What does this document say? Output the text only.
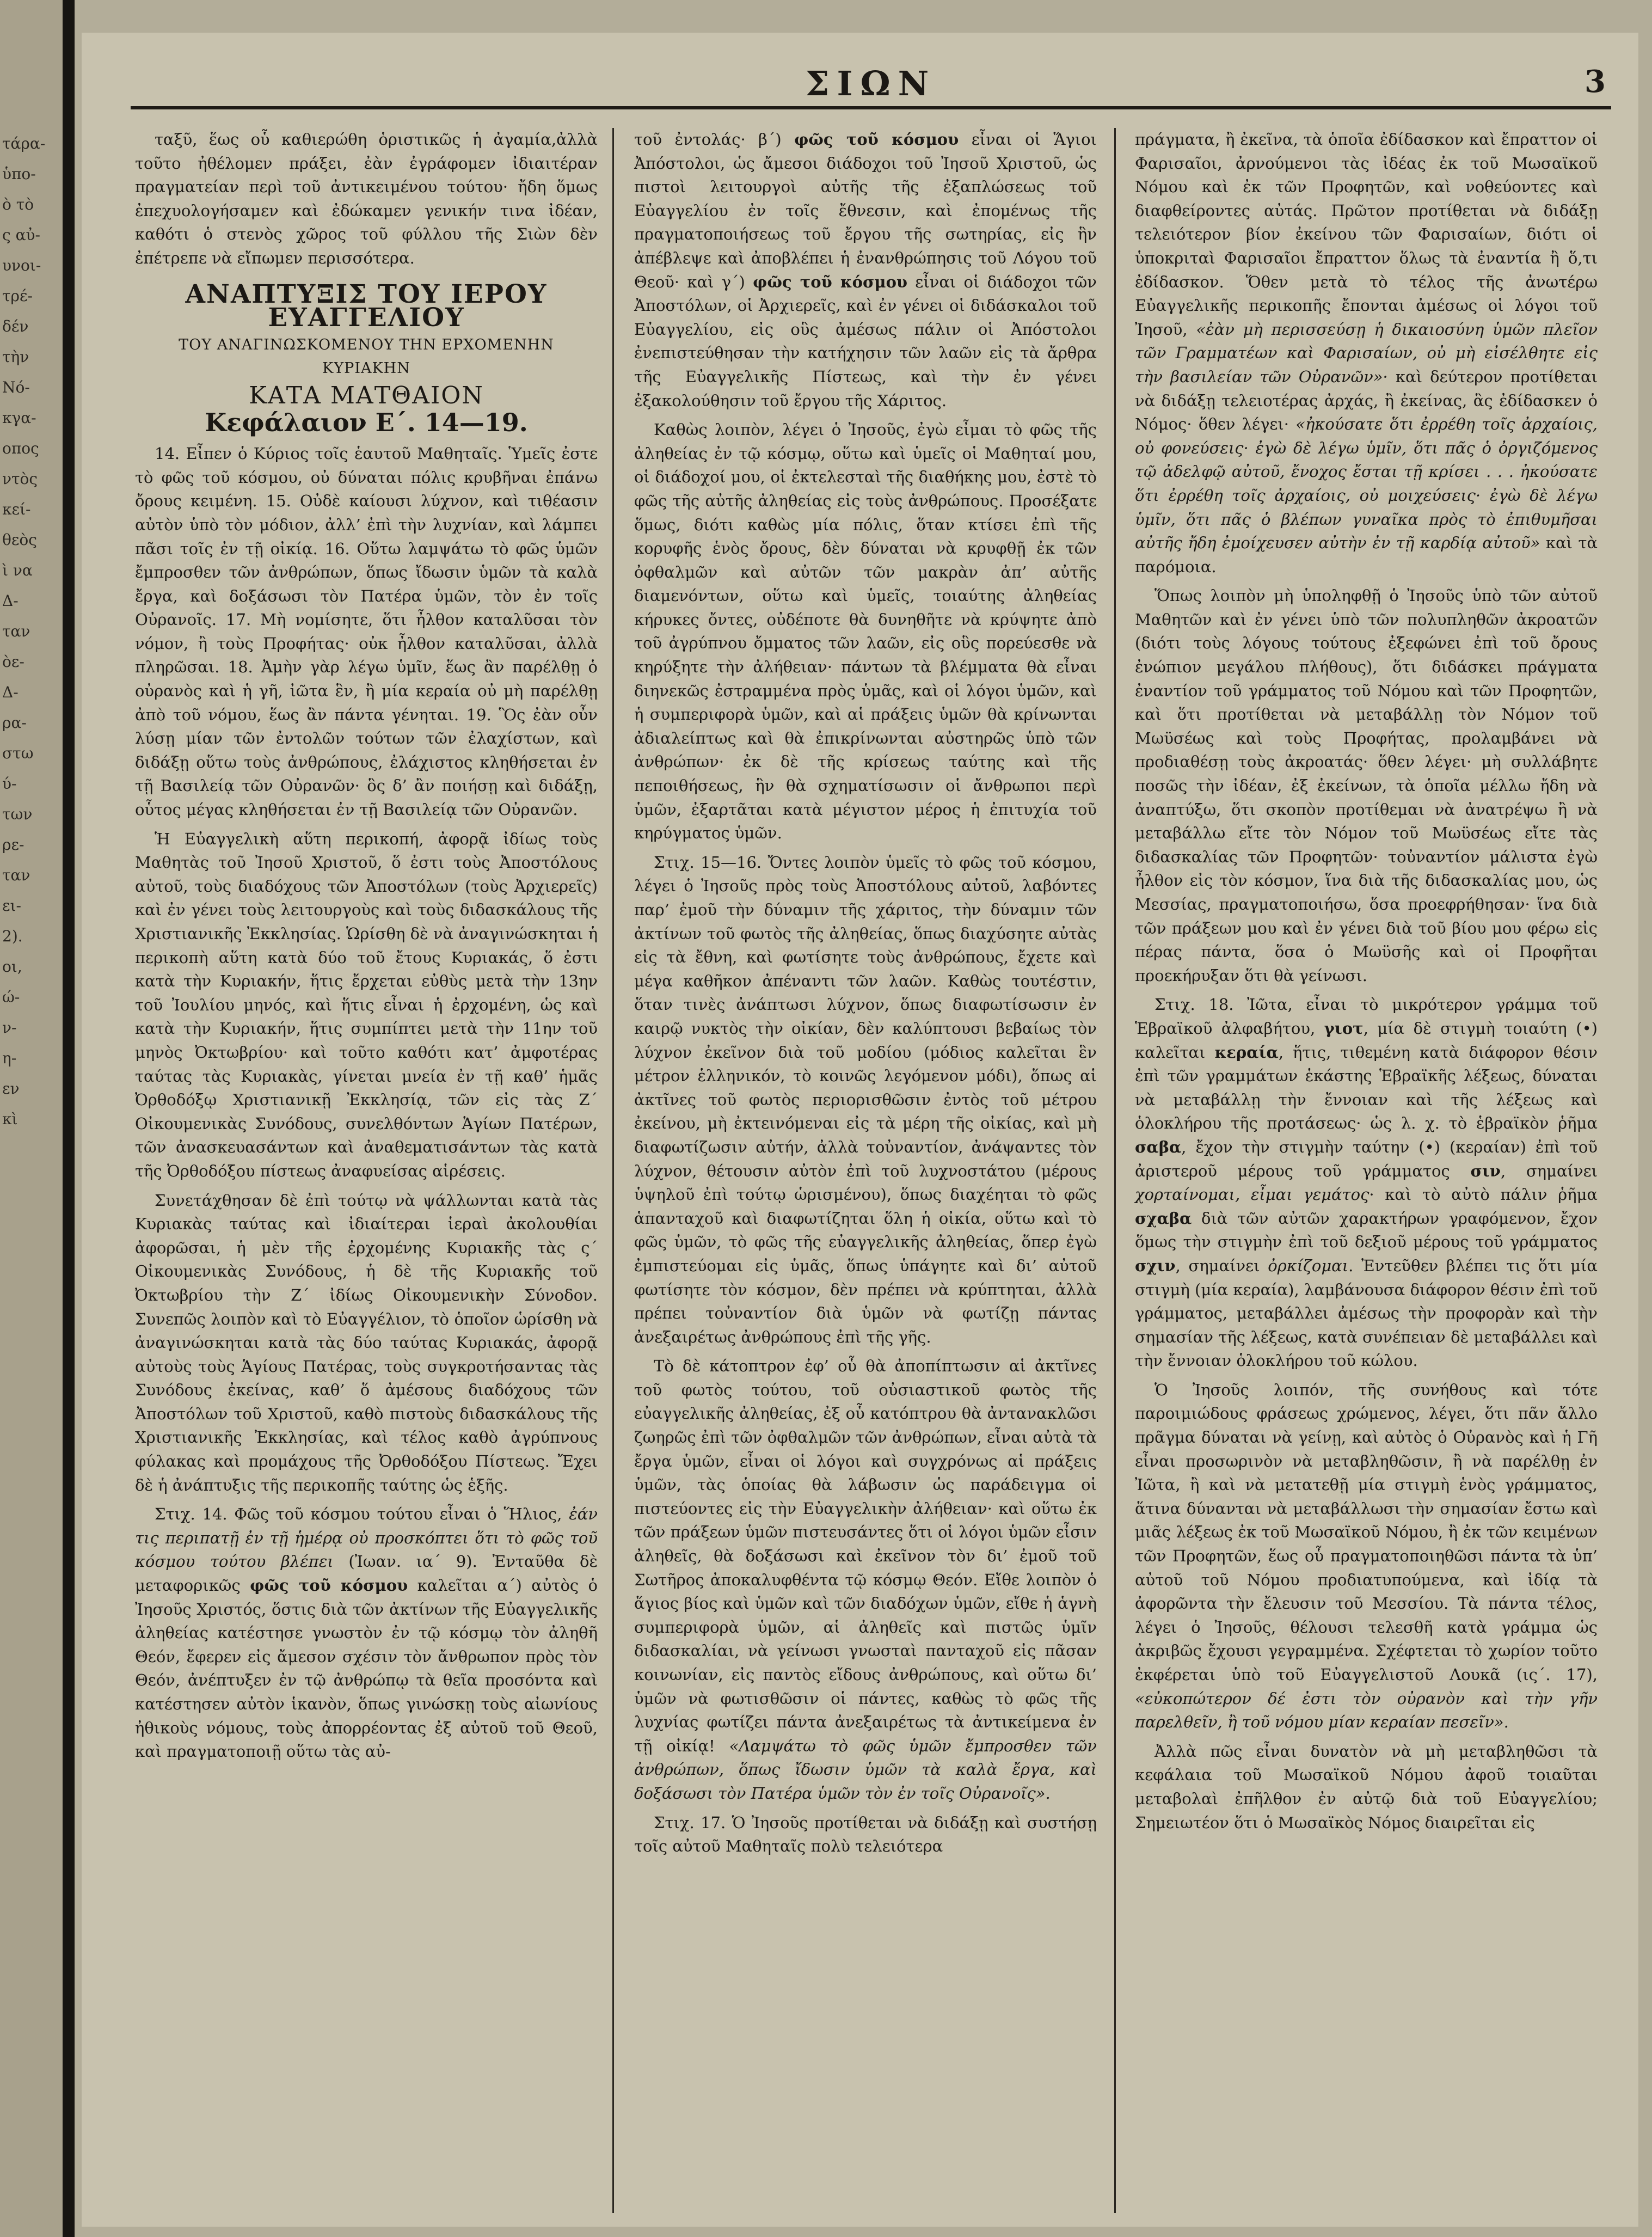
τάρα-
ὑπο-
ὸ τὸ
ς αὐ-
υνοι-
τρέ-
δέν
τὴν
Νό-
κγα-
οπος
ντὸς
κεί-
θεὸς
ὶ να
Δ-
ταν
ὸε-
Δ-
ρα-
στω
ύ-
των
ρε-
ταν
ει-
2).
οι,
ώ-
ν-
η-
εν
κὶ
ΣΙΩΝ	3

ταξῦ, ἕως οὗ καθιερώθη ὁριστικῶς ἡ ἀγαμία,ἀλλὰ τοῦτο ἠθέλομεν πράξει, ἐὰν ἐγράφομεν ἰδιαιτέραν πραγματείαν περὶ τοῦ ἀντικειμένου τούτου· ἤδη ὅμως ἐπεχυολογήσαμεν καὶ ἐδώκαμεν γενικήν τινα ἰδέαν, καθότι ὁ στενὸς χῶρος τοῦ φύλλου τῆς Σιὼν δὲν ἐπέτρεπε νὰ εἴπωμεν περισσότερα.

ΑΝΑΠΤΥΞΙΣ ΤΟΥ ΙΕΡΟΥ ΕΥΑΓΓΕΛΙΟΥ
ΤΟΥ ΑΝΑΓΙΝΩΣΚΟΜΕΝΟΥ ΤΗΝ ΕΡΧΟΜΕΝΗΝ ΚΥΡΙΑΚΗΝ
ΚΑΤΑ ΜΑΤΘΑΙΟΝ
Κεφάλαιον Ε΄. 14—19.

14. Εἶπεν ὁ Κύριος τοῖς ἑαυτοῦ Μαθηταῖς. Ὑμεῖς ἐστε τὸ φῶς τοῦ κόσμου, οὐ δύναται πόλις κρυβῆναι ἐπάνω ὄρους κειμένη. 15. Οὐδὲ καίουσι λύχνον, καὶ τιθέασιν αὐτὸν ὑπὸ τὸν μόδιον, ἀλλ’ ἐπὶ τὴν λυχνίαν, καὶ λάμπει πᾶσι τοῖς ἐν τῇ οἰκίᾳ. 16. Οὕτω λαμψάτω τὸ φῶς ὑμῶν ἔμπροσθεν τῶν ἀνθρώπων, ὅπως ἴδωσιν ὑμῶν τὰ καλὰ ἔργα, καὶ δοξάσωσι τὸν Πατέρα ὑμῶν, τὸν ἐν τοῖς Οὐρανοῖς. 17. Μὴ νομίσητε, ὅτι ἦλθον καταλῦσαι τὸν νόμον, ἢ τοὺς Προφήτας· οὐκ ἦλθον καταλῦσαι, ἀλλὰ πληρῶσαι. 18. Ἀμὴν γὰρ λέγω ὑμῖν, ἕως ἂν παρέλθῃ ὁ οὐρανὸς καὶ ἡ γῆ, ἰῶτα ἓν, ἢ μία κεραία οὐ μὴ παρέλθῃ ἀπὸ τοῦ νόμου, ἕως ἂν πάντα γένηται. 19. Ὃς ἐὰν οὖν λύσῃ μίαν τῶν ἐντολῶν τούτων τῶν ἐλαχίστων, καὶ διδάξῃ οὕτω τοὺς ἀνθρώπους, ἐλάχιστος κληθήσεται ἐν τῇ Βασιλείᾳ τῶν Οὐρανῶν· ὃς δ’ ἂν ποιήσῃ καὶ διδάξῃ, οὗτος μέγας κληθήσεται ἐν τῇ Βασιλείᾳ τῶν Οὐρανῶν.

Ἡ Εὐαγγελικὴ αὕτη περικοπή, ἀφορᾷ ἰδίως τοὺς Μαθητὰς τοῦ Ἰησοῦ Χριστοῦ, ὅ ἐστι τοὺς Ἀποστόλους αὐτοῦ, τοὺς διαδόχους τῶν Ἀποστόλων (τοὺς Ἀρχιερεῖς) καὶ ἐν γένει τοὺς λειτουργοὺς καὶ τοὺς διδασκάλους τῆς Χριστιανικῆς Ἐκκλησίας. Ὡρίσθη δὲ νὰ ἀναγινώσκηται ἡ περικοπὴ αὕτη κατὰ δύο τοῦ ἔτους Κυριακάς, ὅ ἐστι κατὰ τὴν Κυριακήν, ἥτις ἔρχεται εὐθὺς μετὰ τὴν 13ην τοῦ Ἰουλίου μηνός, καὶ ἥτις εἶναι ἡ ἐρχομένη, ὡς καὶ κατὰ τὴν Κυριακήν, ἥτις συμπίπτει μετὰ τὴν 11ην τοῦ μηνὸς Ὀκτωβρίου· καὶ τοῦτο καθότι κατ’ ἀμφοτέρας ταύτας τὰς Κυριακὰς, γίνεται μνεία ἐν τῇ καθ’ ἡμᾶς Ὀρθοδόξῳ Χριστιανικῇ Ἐκκλησίᾳ, τῶν εἰς τὰς Ζ΄ Οἰκουμενικὰς Συνόδους, συνελθόντων Ἁγίων Πατέρων, τῶν ἀνασκευασάντων καὶ ἀναθεματισάντων τὰς κατὰ τῆς Ὀρθοδόξου πίστεως ἀναφυείσας αἱρέσεις.

Συνετάχθησαν δὲ ἐπὶ τούτῳ νὰ ψάλλωνται κατὰ τὰς Κυριακὰς ταύτας καὶ ἰδιαίτεραι ἱεραὶ ἀκολουθίαι ἀφορῶσαι, ἡ μὲν τῆς ἐρχομένης Κυριακῆς τὰς ς΄ Οἰκουμενικὰς Συνόδους, ἡ δὲ τῆς Κυριακῆς τοῦ Ὀκτωβρίου τὴν Ζ΄ ἰδίως Οἰκουμενικὴν Σύνοδον. Συνεπῶς λοιπὸν καὶ τὸ Εὐαγγέλιον, τὸ ὁποῖον ὡρίσθη νὰ ἀναγινώσκηται κατὰ τὰς δύο ταύτας Κυριακάς, ἀφορᾷ αὐτοὺς τοὺς Ἁγίους Πατέρας, τοὺς συγκροτήσαντας τὰς Συνόδους ἐκείνας, καθ’ ὅ ἀμέσους διαδόχους τῶν Ἀποστόλων τοῦ Χριστοῦ, καθὸ πιστοὺς διδασκάλους τῆς Χριστιανικῆς Ἐκκλησίας, καὶ τέλος καθὸ ἀγρύπνους φύλακας καὶ προμάχους τῆς Ὀρθοδόξου Πίστεως. Ἔχει δὲ ἡ ἀνάπτυξις τῆς περικοπῆς ταύτης ὡς ἑξῆς.

Στιχ. 14. Φῶς τοῦ κόσμου τούτου εἶναι ὁ Ἥλιος, ἐάν τις περιπατῇ ἐν τῇ ἡμέρᾳ οὐ προσκόπτει ὅτι τὸ φῶς τοῦ κόσμου τούτου βλέπει (Ἰωαν. ια΄ 9). Ἐνταῦθα δὲ μεταφορικῶς φῶς τοῦ κόσμου καλεῖται α΄) αὐτὸς ὁ Ἰησοῦς Χριστός, ὅστις διὰ τῶν ἀκτίνων τῆς Εὐαγγελικῆς ἀληθείας κατέστησε γνωστὸν ἐν τῷ κόσμῳ τὸν ἀληθῆ Θεόν, ἔφερεν εἰς ἄμεσον σχέσιν τὸν ἄνθρωπον πρὸς τὸν Θεόν, ἀνέπτυξεν ἐν τῷ ἀνθρώπῳ τὰ θεῖα προσόντα καὶ κατέστησεν αὐτὸν ἱκανὸν, ὅπως γινώσκῃ τοὺς αἰωνίους ἠθικοὺς νόμους, τοὺς ἀπορρέοντας ἐξ αὐτοῦ τοῦ Θεοῦ, καὶ πραγματοποιῇ οὕτω τὰς αὐ-

τοῦ ἐντολάς· β΄) φῶς τοῦ κόσμου εἶναι οἱ Ἅγιοι Ἀπόστολοι, ὡς ἄμεσοι διάδοχοι τοῦ Ἰησοῦ Χριστοῦ, ὡς πιστοὶ λειτουργοὶ αὐτῆς τῆς ἐξαπλώσεως τοῦ Εὐαγγελίου ἐν τοῖς ἔθνεσιν, καὶ ἐπομένως τῆς πραγματοποιήσεως τοῦ ἔργου τῆς σωτηρίας, εἰς ἣν ἀπέβλεψε καὶ ἀποβλέπει ἡ ἐνανθρώπησις τοῦ Λόγου τοῦ Θεοῦ· καὶ γ΄) φῶς τοῦ κόσμου εἶναι οἱ διάδοχοι τῶν Ἀποστόλων, οἱ Ἀρχιερεῖς, καὶ ἐν γένει οἱ διδάσκαλοι τοῦ Εὐαγγελίου, εἰς οὓς ἀμέσως πάλιν οἱ Ἀπόστολοι ἐνεπιστεύθησαν τὴν κατήχησιν τῶν λαῶν εἰς τὰ ἄρθρα τῆς Εὐαγγελικῆς Πίστεως, καὶ τὴν ἐν γένει ἐξακολούθησιν τοῦ ἔργου τῆς Χάριτος.

Καθὼς λοιπὸν, λέγει ὁ Ἰησοῦς, ἐγὼ εἶμαι τὸ φῶς τῆς ἀληθείας ἐν τῷ κόσμῳ, οὕτω καὶ ὑμεῖς οἱ Μαθηταί μου, οἱ διάδοχοί μου, οἱ ἐκτελεσταὶ τῆς διαθήκης μου, ἐστὲ τὸ φῶς τῆς αὐτῆς ἀληθείας εἰς τοὺς ἀνθρώπους. Προσέξατε ὅμως, διότι καθὼς μία πόλις, ὅταν κτίσει ἐπὶ τῆς κορυφῆς ἑνὸς ὄρους, δὲν δύναται νὰ κρυφθῇ ἐκ τῶν ὀφθαλμῶν καὶ αὐτῶν τῶν μακρὰν ἀπ’ αὐτῆς διαμενόντων, οὕτω καὶ ὑμεῖς, τοιαύτης ἀληθείας κήρυκες ὄντες, οὐδέποτε θὰ δυνηθῆτε νὰ κρύψητε ἀπὸ τοῦ ἀγρύπνου ὄμματος τῶν λαῶν, εἰς οὓς πορεύεσθε νὰ κηρύξητε τὴν ἀλήθειαν· πάντων τὰ βλέμματα θὰ εἶναι διηνεκῶς ἐστραμμένα πρὸς ὑμᾶς, καὶ οἱ λόγοι ὑμῶν, καὶ ἡ συμπεριφορὰ ὑμῶν, καὶ αἱ πράξεις ὑμῶν θὰ κρίνωνται ἀδιαλείπτως καὶ θὰ ἐπικρίνωνται αὐστηρῶς ὑπὸ τῶν ἀνθρώπων· ἐκ δὲ τῆς κρίσεως ταύτης καὶ τῆς πεποιθήσεως, ἣν θὰ σχηματίσωσιν οἱ ἄνθρωποι περὶ ὑμῶν, ἐξαρτᾶται κατὰ μέγιστον μέρος ἡ ἐπιτυχία τοῦ κηρύγματος ὑμῶν.

Στιχ. 15—16. Ὄντες λοιπὸν ὑμεῖς τὸ φῶς τοῦ κόσμου, λέγει ὁ Ἰησοῦς πρὸς τοὺς Ἀποστόλους αὐτοῦ, λαβόντες παρ’ ἐμοῦ τὴν δύναμιν τῆς χάριτος, τὴν δύναμιν τῶν ἀκτίνων τοῦ φωτὸς τῆς ἀληθείας, ὅπως διαχύσητε αὐτὰς εἰς τὰ ἔθνη, καὶ φωτίσητε τοὺς ἀνθρώπους, ἔχετε καὶ μέγα καθῆκον ἀπέναντι τῶν λαῶν. Καθὼς τουτέστιν, ὅταν τινὲς ἀνάπτωσι λύχνον, ὅπως διαφωτίσωσιν ἐν καιρῷ νυκτὸς τὴν οἰκίαν, δὲν καλύπτουσι βεβαίως τὸν λύχνον ἐκεῖνον διὰ τοῦ μοδίου (μόδιος καλεῖται ἓν μέτρον ἑλληνικόν, τὸ κοινῶς λεγόμενον μόδι), ὅπως αἱ ἀκτῖνες τοῦ φωτὸς περιορισθῶσιν ἐντὸς τοῦ μέτρου ἐκείνου, μὴ ἐκτεινόμεναι εἰς τὰ μέρη τῆς οἰκίας, καὶ μὴ διαφωτίζωσιν αὐτήν, ἀλλὰ τοὐναντίον, ἀνάψαντες τὸν λύχνον, θέτουσιν αὐτὸν ἐπὶ τοῦ λυχνοστάτου (μέρους ὑψηλοῦ ἐπὶ τούτῳ ὡρισμένου), ὅπως διαχέηται τὸ φῶς ἁπανταχοῦ καὶ διαφωτίζηται ὅλη ἡ οἰκία, οὕτω καὶ τὸ φῶς ὑμῶν, τὸ φῶς τῆς εὐαγγελικῆς ἀληθείας, ὅπερ ἐγὼ ἐμπιστεύομαι εἰς ὑμᾶς, ὅπως ὑπάγητε καὶ δι’ αὐτοῦ φωτίσητε τὸν κόσμον, δὲν πρέπει νὰ κρύπτηται, ἀλλὰ πρέπει τοὐναντίον διὰ ὑμῶν νὰ φωτίζῃ πάντας ἀνεξαιρέτως ἀνθρώπους ἐπὶ τῆς γῆς.

Τὸ δὲ κάτοπτρον ἐφ’ οὗ θὰ ἀποπίπτωσιν αἱ ἀκτῖνες τοῦ φωτὸς τούτου, τοῦ οὐσιαστικοῦ φωτὸς τῆς εὐαγγελικῆς ἀληθείας, ἐξ οὗ κατόπτρου θὰ ἀντανακλῶσι ζωηρῶς ἐπὶ τῶν ὀφθαλμῶν τῶν ἀνθρώπων, εἶναι αὐτὰ τὰ ἔργα ὑμῶν, εἶναι οἱ λόγοι καὶ συγχρόνως αἱ πράξεις ὑμῶν, τὰς ὁποίας θὰ λάβωσιν ὡς παράδειγμα οἱ πιστεύοντες εἰς τὴν Εὐαγγελικὴν ἀλήθειαν· καὶ οὕτω ἐκ τῶν πράξεων ὑμῶν πιστευσάντες ὅτι οἱ λόγοι ὑμῶν εἶσιν ἀληθεῖς, θὰ δοξάσωσι καὶ ἐκεῖνον τὸν δι’ ἐμοῦ τοῦ Σωτῆρος ἀποκαλυφθέντα τῷ κόσμῳ Θεόν. Εἴθε λοιπὸν ὁ ἅγιος βίος καὶ ὑμῶν καὶ τῶν διαδόχων ὑμῶν, εἴθε ἡ ἁγνὴ συμπεριφορὰ ὑμῶν, αἱ ἀληθεῖς καὶ πιστῶς ὑμῖν διδασκαλίαι, νὰ γείνωσι γνωσταὶ πανταχοῦ εἰς πᾶσαν κοινωνίαν, εἰς παντὸς εἴδους ἀνθρώπους, καὶ οὕτω δι’ ὑμῶν νὰ φωτισθῶσιν οἱ πάντες, καθὼς τὸ φῶς τῆς λυχνίας φωτίζει πάντα ἀνεξαιρέτως τὰ ἀντικείμενα ἐν τῇ οἰκίᾳ! «Λαμψάτω τὸ φῶς ὑμῶν ἔμπροσθεν τῶν ἀνθρώπων, ὅπως ἴδωσιν ὑμῶν τὰ καλὰ ἔργα, καὶ δοξάσωσι τὸν Πατέρα ὑμῶν τὸν ἐν τοῖς Οὐρανοῖς».

Στιχ. 17. Ὁ Ἰησοῦς προτίθεται νὰ διδάξῃ καὶ συστήσῃ τοῖς αὐτοῦ Μαθηταῖς πολὺ τελειότερα

πράγματα, ἢ ἐκεῖνα, τὰ ὁποῖα ἐδίδασκον καὶ ἔπραττον οἱ Φαρισαῖοι, ἀρνούμενοι τὰς ἰδέας ἐκ τοῦ Μωσαϊκοῦ Νόμου καὶ ἐκ τῶν Προφητῶν, καὶ νοθεύοντες καὶ διαφθείροντες αὐτάς. Πρῶτον προτίθεται νὰ διδάξῃ τελειότερον βίον ἐκείνου τῶν Φαρισαίων, διότι οἱ ὑποκριταὶ Φαρισαῖοι ἔπραττον ὅλως τὰ ἐναντία ἢ ὅ,τι ἐδίδασκον. Ὅθεν μετὰ τὸ τέλος τῆς ἀνωτέρω Εὐαγγελικῆς περικοπῆς ἔπονται ἀμέσως οἱ λόγοι τοῦ Ἰησοῦ, «ἐὰν μὴ περισσεύσῃ ἡ δικαιοσύνη ὑμῶν πλεῖον τῶν Γραμματέων καὶ Φαρισαίων, οὐ μὴ εἰσέλθητε εἰς τὴν βασιλείαν τῶν Οὐρανῶν»· καὶ δεύτερον προτίθεται νὰ διδάξῃ τελειοτέρας ἀρχάς, ἢ ἐκείνας, ἃς ἐδίδασκεν ὁ Νόμος· ὅθεν λέγει· «ἠκούσατε ὅτι ἐρρέθη τοῖς ἀρχαίοις, οὐ φονεύσεις· ἐγὼ δὲ λέγω ὑμῖν, ὅτι πᾶς ὁ ὀργιζόμενος τῷ ἀδελφῷ αὐτοῦ, ἔνοχος ἔσται τῇ κρίσει . . . ἠκούσατε ὅτι ἐρρέθη τοῖς ἀρχαίοις, οὐ μοιχεύσεις· ἐγὼ δὲ λέγω ὑμῖν, ὅτι πᾶς ὁ βλέπων γυναῖκα πρὸς τὸ ἐπιθυμῆσαι αὐτῆς ἤδη ἐμοίχευσεν αὐτὴν ἐν τῇ καρδίᾳ αὐτοῦ» καὶ τὰ παρόμοια.

Ὅπως λοιπὸν μὴ ὑποληφθῇ ὁ Ἰησοῦς ὑπὸ τῶν αὐτοῦ Μαθητῶν καὶ ἐν γένει ὑπὸ τῶν πολυπληθῶν ἀκροατῶν (διότι τοὺς λόγους τούτους ἐξεφώνει ἐπὶ τοῦ ὄρους ἐνώπιον μεγάλου πλήθους), ὅτι διδάσκει πράγματα ἐναντίον τοῦ γράμματος τοῦ Νόμου καὶ τῶν Προφητῶν, καὶ ὅτι προτίθεται νὰ μεταβάλλῃ τὸν Νόμον τοῦ Μωϋσέως καὶ τοὺς Προφήτας, προλαμβάνει νὰ προδιαθέσῃ τοὺς ἀκροατάς· ὅθεν λέγει· μὴ συλλάβητε ποσῶς τὴν ἰδέαν, ἐξ ἐκείνων, τὰ ὁποῖα μέλλω ἤδη νὰ ἀναπτύξω, ὅτι σκοπὸν προτίθεμαι νὰ ἀνατρέψω ἢ νὰ μεταβάλλω εἴτε τὸν Νόμον τοῦ Μωϋσέως εἴτε τὰς διδασκαλίας τῶν Προφητῶν· τοὐναντίον μάλιστα ἐγὼ ἦλθον εἰς τὸν κόσμον, ἵνα διὰ τῆς διδασκαλίας μου, ὡς Μεσσίας, πραγματοποιήσω, ὅσα προεφρήθησαν· ἵνα διὰ τῶν πράξεων μου καὶ ἐν γένει διὰ τοῦ βίου μου φέρω εἰς πέρας πάντα, ὅσα ὁ Μωϋσῆς καὶ οἱ Προφῆται προεκήρυξαν ὅτι θὰ γείνωσι.

Στιχ. 18. Ἰῶτα, εἶναι τὸ μικρότερον γράμμα τοῦ Ἑβραϊκοῦ ἀλφαβήτου, γιοτ, μία δὲ στιγμὴ τοιαύτη (•) καλεῖται κεραία, ἥτις, τιθεμένη κατὰ διάφορον θέσιν ἐπὶ τῶν γραμμάτων ἑκάστης Ἑβραϊκῆς λέξεως, δύναται νὰ μεταβάλλῃ τὴν ἔννοιαν καὶ τῆς λέξεως καὶ ὁλοκλήρου τῆς προτάσεως· ὡς λ. χ. τὸ ἑβραϊκὸν ῥῆμα σαβα, ἔχον τὴν στιγμὴν ταύτην (•) (κεραίαν) ἐπὶ τοῦ ἀριστεροῦ μέρους τοῦ γράμματος σιν, σημαίνει χορταίνομαι, εἶμαι γεμάτος· καὶ τὸ αὐτὸ πάλιν ῥῆμα σχαβα διὰ τῶν αὐτῶν χαρακτήρων γραφόμενον, ἔχον ὅμως τὴν στιγμὴν ἐπὶ τοῦ δεξιοῦ μέρους τοῦ γράμματος σχιν, σημαίνει ὀρκίζομαι. Ἐντεῦθεν βλέπει τις ὅτι μία στιγμὴ (μία κεραία), λαμβάνουσα διάφορον θέσιν ἐπὶ τοῦ γράμματος, μεταβάλλει ἀμέσως τὴν προφορὰν καὶ τὴν σημασίαν τῆς λέξεως, κατὰ συνέπειαν δὲ μεταβάλλει καὶ τὴν ἔννοιαν ὁλοκλήρου τοῦ κώλου.

Ὁ Ἰησοῦς λοιπόν, τῆς συνήθους καὶ τότε παροιμιώδους φράσεως χρώμενος, λέγει, ὅτι πᾶν ἄλλο πρᾶγμα δύναται νὰ γείνῃ, καὶ αὐτὸς ὁ Οὐρανὸς καὶ ἡ Γῆ εἶναι προσωρινὸν νὰ μεταβληθῶσιν, ἢ νὰ παρέλθῃ ἐν Ἰῶτα, ἢ καὶ νὰ μετατεθῇ μία στιγμὴ ἑνὸς γράμματος, ἅτινα δύνανται νὰ μεταβάλλωσι τὴν σημασίαν ἔστω καὶ μιᾶς λέξεως ἐκ τοῦ Μωσαϊκοῦ Νόμου, ἢ ἐκ τῶν κειμένων τῶν Προφητῶν, ἕως οὗ πραγματοποιηθῶσι πάντα τὰ ὑπ’ αὐτοῦ τοῦ Νόμου προδιατυπούμενα, καὶ ἰδίᾳ τὰ ἀφορῶντα τὴν ἔλευσιν τοῦ Μεσσίου. Τὰ πάντα τέλος, λέγει ὁ Ἰησοῦς, θέλουσι τελεσθῆ κατὰ γράμμα ὡς ἀκριβῶς ἔχουσι γεγραμμένα. Σχέφτεται τὸ χωρίον τοῦτο ἐκφέρεται ὑπὸ τοῦ Εὐαγγελιστοῦ Λουκᾶ (ις΄. 17), «εὐκοπώτερον δέ ἐστι τὸν οὐρανὸν καὶ τὴν γῆν παρελθεῖν, ἢ τοῦ νόμου μίαν κεραίαν πεσεῖν».

Ἀλλὰ πῶς εἶναι δυνατὸν νὰ μὴ μεταβληθῶσι τὰ κεφάλαια τοῦ Μωσαϊκοῦ Νόμου ἀφοῦ τοιαῦται μεταβολαὶ ἐπῆλθον ἐν αὐτῷ διὰ τοῦ Εὐαγγελίου; Σημειωτέον ὅτι ὁ Μωσαϊκὸς Νόμος διαιρεῖται εἰς
